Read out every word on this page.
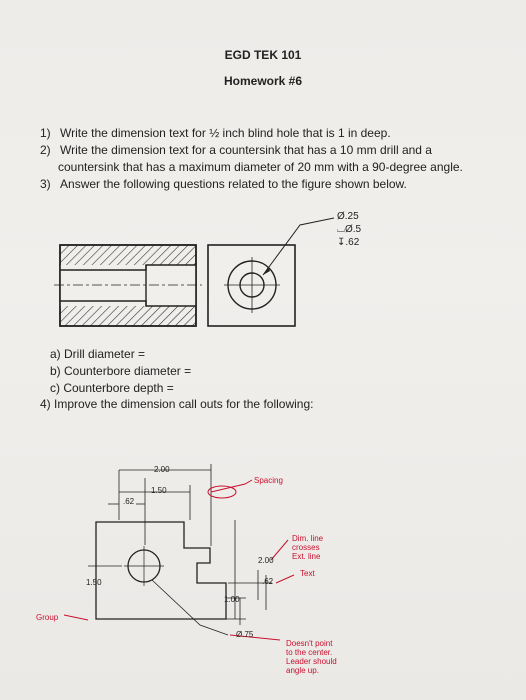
EGD TEK 101
Homework #6
1) Write the dimension text for ½ inch blind hole that is 1 in deep.
2) Write the dimension text for a countersink that has a 10 mm drill and a
countersink that has a maximum diameter of 20 mm with a 90-degree angle.
3) Answer the following questions related to the figure shown below.
Ø.25
⌴Ø.5
↧.62
a) Drill diameter =
b) Counterbore diameter =
c) Counterbore depth =
4) Improve the dimension call outs for the following:
2.00
1.50
.62
2.00
.62
1.50
1.00
Ø.75
Spacing
Dim. line
crosses
Ext. line
Text
Group
Doesn't point
to the center.
Leader should
angle up.
